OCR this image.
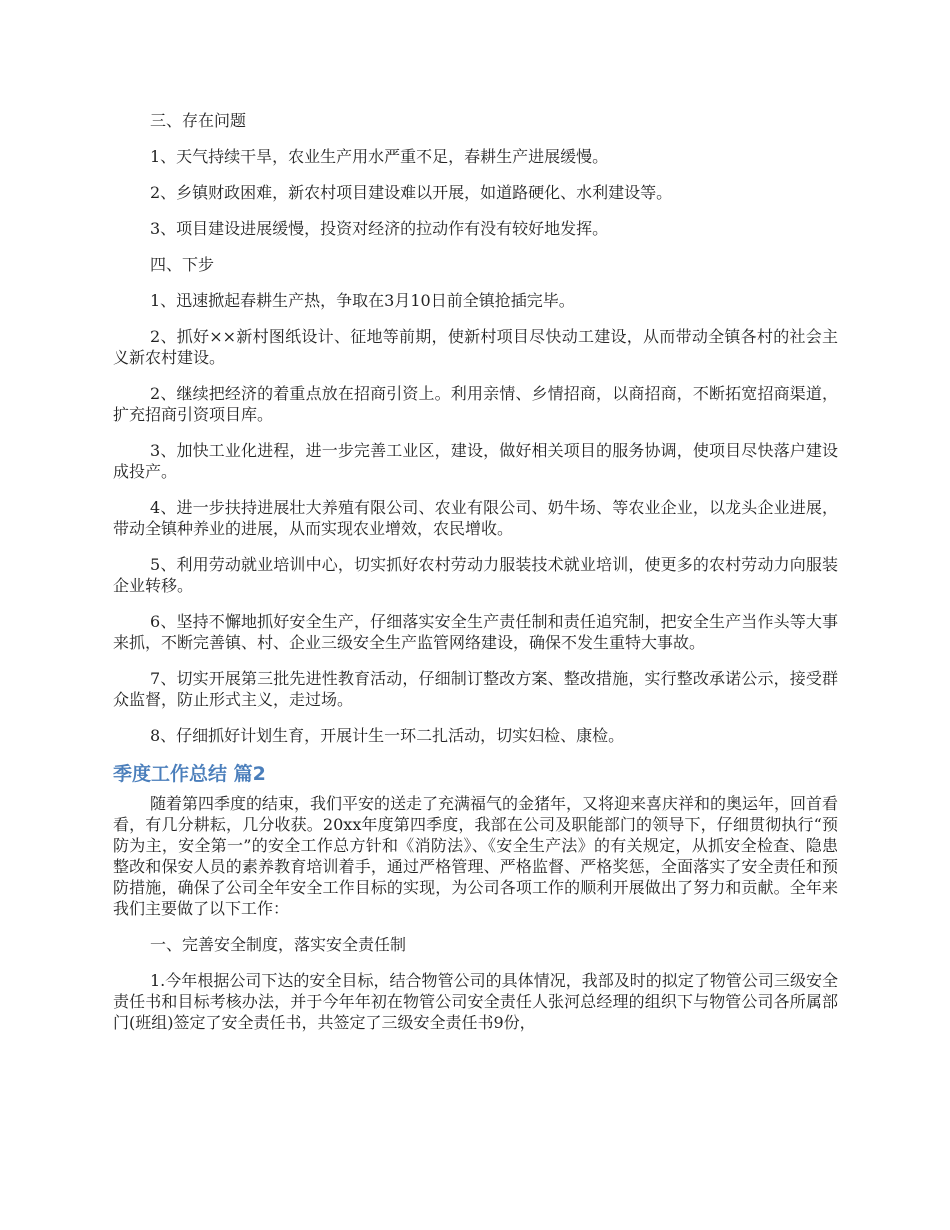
三、存在问题

1、天气持续干旱，农业生产用水严重不足，春耕生产进展缓慢。

2、乡镇财政困难，新农村项目建设难以开展，如道路硬化、水利建设等。

3、项目建设进展缓慢，投资对经济的拉动作有没有较好地发挥。

四、下步

1、迅速掀起春耕生产热，争取在3月10日前全镇抢插完毕。

2、抓好××新村图纸设计、征地等前期，使新村项目尽快动工建设，从而带动全镇各村的社会主义新农村建设。

2、继续把经济的着重点放在招商引资上。利用亲情、乡情招商，以商招商，不断拓宽招商渠道，扩充招商引资项目库。

3、加快工业化进程，进一步完善工业区，建设，做好相关项目的服务协调，使项目尽快落户建设成投产。

4、进一步扶持进展壮大养殖有限公司、农业有限公司、奶牛场、等农业企业，以龙头企业进展，带动全镇种养业的进展，从而实现农业增效，农民增收。

5、利用劳动就业培训中心，切实抓好农村劳动力服装技术就业培训，使更多的农村劳动力向服装企业转移。

6、坚持不懈地抓好安全生产，仔细落实安全生产责任制和责任追究制，把安全生产当作头等大事来抓，不断完善镇、村、企业三级安全生产监管网络建设，确保不发生重特大事故。

7、切实开展第三批先进性教育活动，仔细制订整改方案、整改措施，实行整改承诺公示，接受群众监督，防止形式主义，走过场。

8、仔细抓好计划生育，开展计生一环二扎活动，切实妇检、康检。

季度工作总结 篇2

随着第四季度的结束，我们平安的送走了充满福气的金猪年，又将迎来喜庆祥和的奥运年，回首看看，有几分耕耘，几分收获。20xx年度第四季度，我部在公司及职能部门的领导下，仔细贯彻执行“预防为主，安全第一”的安全工作总方针和《消防法》、《安全生产法》的有关规定，从抓安全检查、隐患整改和保安人员的素养教育培训着手，通过严格管理、严格监督、严格奖惩，全面落实了安全责任和预防措施，确保了公司全年安全工作目标的实现，为公司各项工作的顺利开展做出了努力和贡献。全年来我们主要做了以下工作：

一、完善安全制度，落实安全责任制

1.今年根据公司下达的安全目标，结合物管公司的具体情况，我部及时的拟定了物管公司三级安全责任书和目标考核办法，并于今年年初在物管公司安全责任人张河总经理的组织下与物管公司各所属部门(班组)签定了安全责任书，共签定了三级安全责任书9份，
